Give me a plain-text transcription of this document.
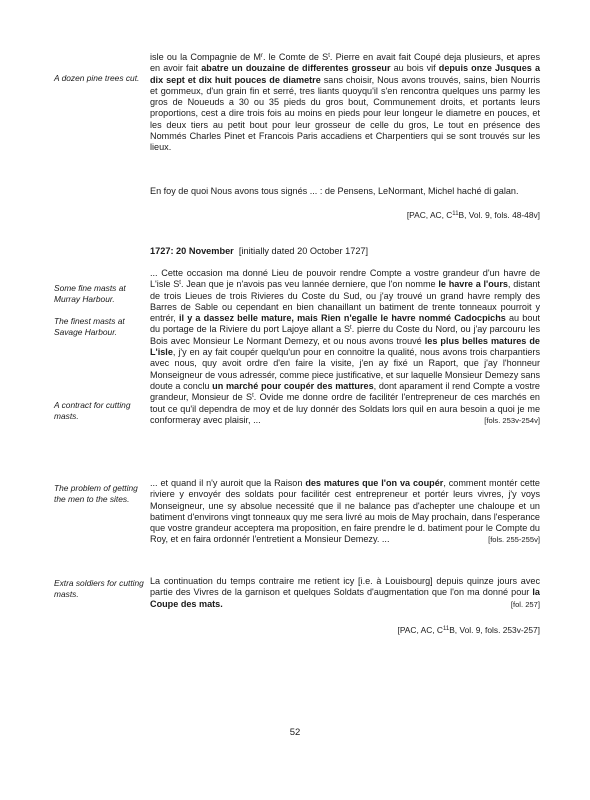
A dozen pine trees cut.
Some fine masts at Murray Harbour.
The finest masts at Savage Harbour.
A contract for cutting masts.
The problem of getting the men to the sites.
Extra soldiers for cutting masts.
isle ou la Compagnie de $M^r$. le Comte de $S^t$. Pierre en avait fait Coupé deja plusieurs, et apres en avoir fait abatre un douzaine de differentes grosseur au bois vif depuis onze Jusques a dix sept et dix huit pouces de diametre sans choisir, Nous avons trouvés, sains, bien Nourris et gommeux, d'un grain fin et serré, tres liants quoyqu'il s'en rencontra quelques uns parmy les gros de Noueuds a 30 ou 35 pieds du gros bout, Communement droits, et portants leurs proportions, cest a dire trois fois au moins en pieds pour leur longeur le diametre en pouces, et les deux tiers au petit bout pour leur grosseur de celle du gros, Le tout en présence des Nommés Charles Pinet et Francois Paris accadiens et Charpentiers qui se sont trouvés sur les lieux.
En foy de quoi Nous avons tous signés ... : de Pensens, LeNormant, Michel haché di galan.
[PAC, AC, $C^{11}B$, Vol. 9, fols. 48-48v]
1727: 20 November [initially dated 20 October 1727]
... Cette occasion ma donné Lieu de pouvoir rendre Compte a vostre grandeur d'un havre de L'isle $S^t$. Jean que je n'avois pas veu lannée derniere, que l'on nomme le havre a l'ours, distant de trois Lieues de trois Rivieres du Coste du Sud, ou j'ay trouvé un grand havre remply des Barres de Sable ou cependant en bien chanaillant un batiment de trente tonneaux pourroit y entrér, il y a dassez belle mature, mais Rien n'egalle le havre nommé Cadocpichs au bout du portage de la Riviere du port Lajoye allant a $S^t$. pierre du Coste du Nord, ou j'ay parcouru les Bois avec Monsieur Le Normant Demezy, et ou nous avons trouvé les plus belles matures de L'isle, j'y en ay fait coupér quelqu'un pour en connoitre la qualité, nous avons trois charpantiers avec nous, quy avoit ordre d'en faire la visite, j'en ay fixé un Raport, que j'ay l'honneur Monseigneur de vous adressér, comme piece justificative, et sur laquelle Monsieur Demezy sans doute a conclu un marché pour coupér des mattures, dont aparament il rend Compte a vostre grandeur, Monsieur de $S^t$. Ovide me donne ordre de facilitér l'entrepreneur de ces marchés en tout ce qu'il dependra de moy et de luy donnér des Soldats lors quil en aura besoin a quoi je me conformeray avec plaisir, ...	[fols. 253v-254v]
... et quand il n'y auroit que la Raison des matures que l'on va coupér, comment montér cette riviere y envoyér des soldats pour facilitér cest entrepreneur et portér leurs vivres, j'y voys Monseigneur, une sy absolue necessité que il ne balance pas d'achepter une chaloupe et un batiment d'environs vingt tonneaux quy me sera livré au mois de May prochain, dans l'esperance que vostre grandeur acceptera ma proposition, en faire prendre le d. batiment pour le Compte du Roy, et en faira ordonnér l'entretient a Monsieur Demezy. ...	[fols. 255-255v]
La continuation du temps contraire me retient icy [i.e. à Louisbourg] depuis quinze jours avec partie des Vivres de la garnison et quelques Soldats d'augmentation que l'on ma donné pour la Coupe des mats.	[fol. 257]
[PAC, AC, $C^{11}B$, Vol. 9, fols. 253v-257]
52
